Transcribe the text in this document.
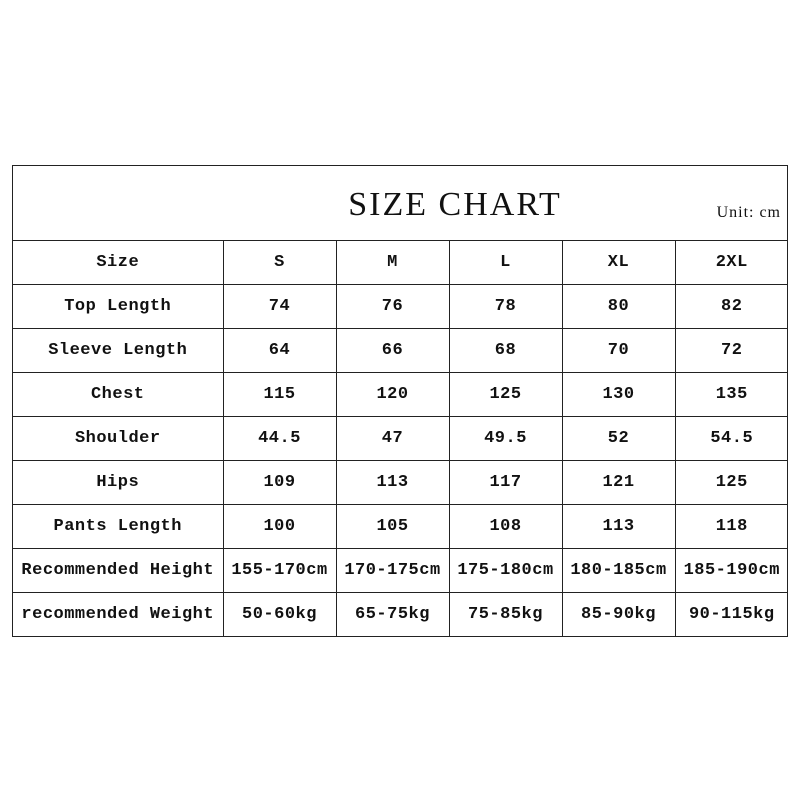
SIZE CHART	Unit: cm
Size	S	M	L	XL	2XL
Top Length	74	76	78	80	82
Sleeve Length	64	66	68	70	72
Chest	115	120	125	130	135
Shoulder	44.5	47	49.5	52	54.5
Hips	109	113	117	121	125
Pants Length	100	105	108	113	118
Recommended Height	155-170cm	170-175cm	175-180cm	180-185cm	185-190cm
recommended Weight	50-60kg	65-75kg	75-85kg	85-90kg	90-115kg
